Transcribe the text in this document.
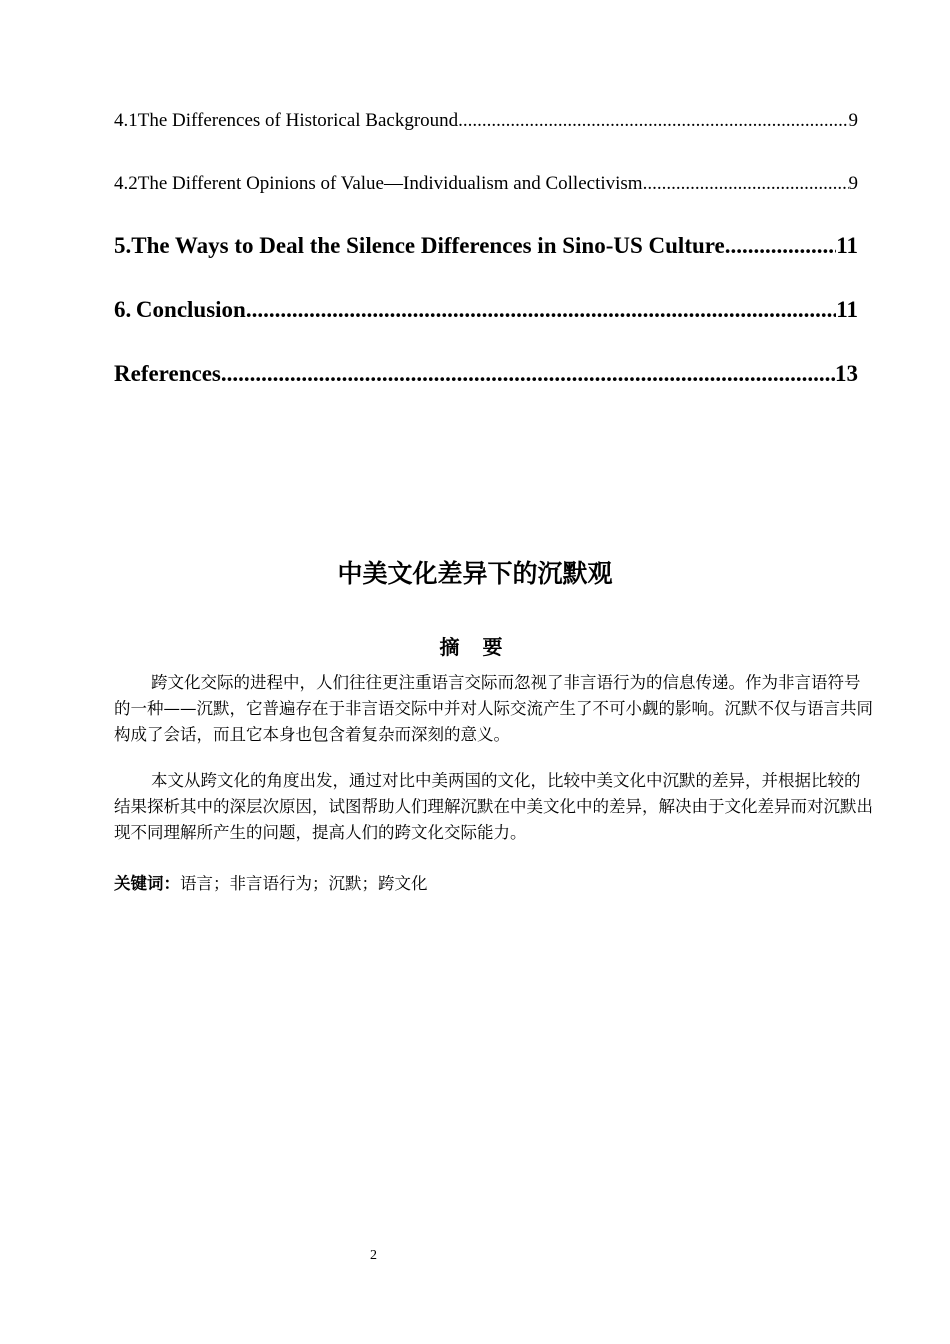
4.1 The Differences of Historical Background .....	9
4.2 The Different Opinions of Value—Individualism and Collectivism .....	9
5. The Ways to Deal the Silence Differences in Sino-US Culture .....	11
6. Conclusion .....	11
References .....	13
中美文化差异下的沉默观
摘 要

跨文化交际的进程中，人们往往更注重语言交际而忽视了非言语行为的信息传递。作为非言语符号的一种——沉默，它普遍存在于非言语交际中并对人际交流产生了不可小觑的影响。沉默不仅与语言共同构成了会话，而且它本身也包含着复杂而深刻的意义。

本文从跨文化的角度出发，通过对比中美两国的文化，比较中美文化中沉默的差异，并根据比较的结果探析其中的深层次原因，试图帮助人们理解沉默在中美文化中的差异，解决由于文化差异而对沉默出现不同理解所产生的问题，提高人们的跨文化交际能力。

关键词：语言；非言语行为；沉默；跨文化
2
